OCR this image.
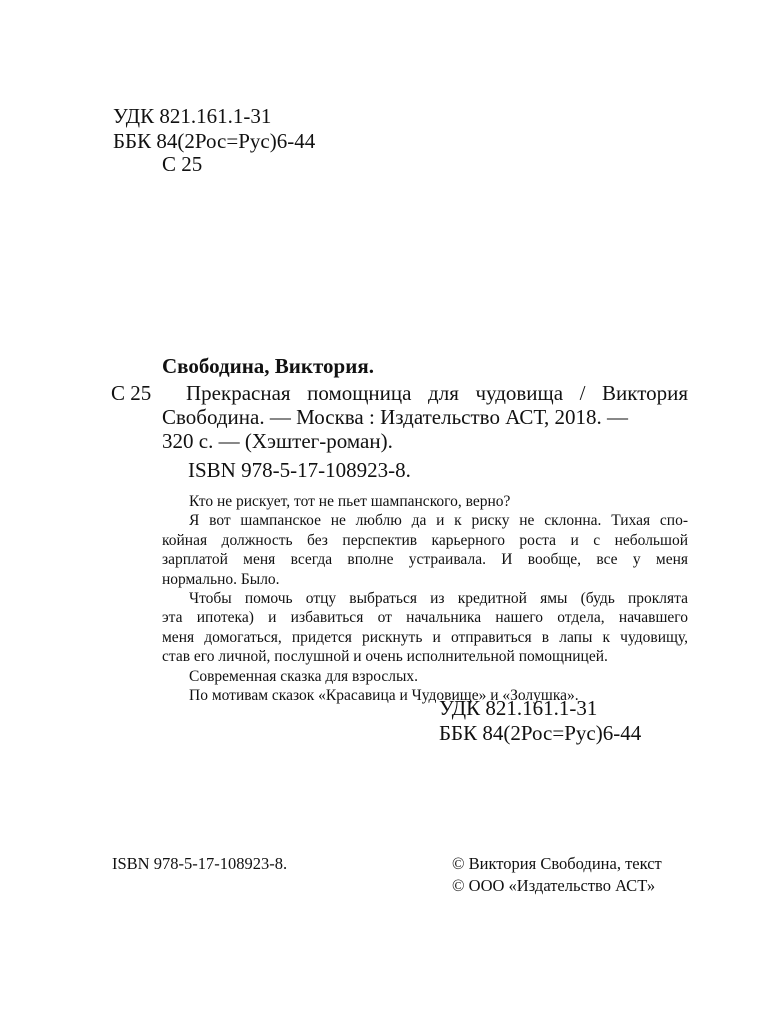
УДК 821.161.1-31
ББК 84(2Рос=Рус)6-44
С 25
Свободина, Виктория.
С 25 Прекрасная помощница для чудовища / Виктория
Свободина. — Москва : Издательство АСТ, 2018. —
320 с. — (Хэштег-роман).
ISBN 978-5-17-108923-8.
Кто не рискует, тот не пьет шампанского, верно?
Я вот шампанское не люблю да и к риску не склонна. Тихая спо-
койная должность без перспектив карьерного роста и с небольшой
зарплатой меня всегда вполне устраивала. И вообще, все у меня
нормально. Было.
Чтобы помочь отцу выбраться из кредитной ямы (будь проклята
эта ипотека) и избавиться от начальника нашего отдела, начавшего
меня домогаться, придется рискнуть и отправиться в лапы к чудовищу,
став его личной, послушной и очень исполнительной помощницей.
Современная сказка для взрослых.
По мотивам сказок «Красавица и Чудовище» и «Золушка».
УДК 821.161.1-31
ББК 84(2Рос=Рус)6-44
ISBN 978-5-17-108923-8.	© Виктория Свободина, текст
© ООО «Издательство АСТ»
